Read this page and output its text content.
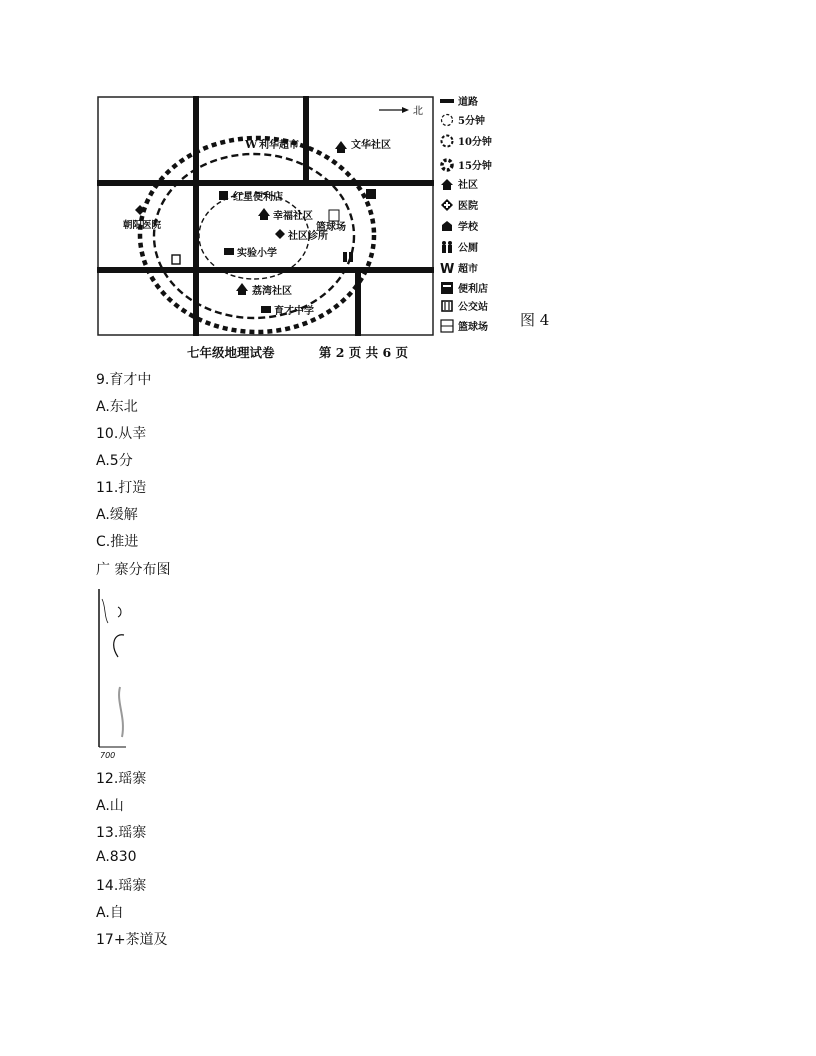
北
W 利华超市	文华社区
红星便利店
幸福社区
篮球场
社区诊所
实验小学
朝阳医院
荔湾社区
育才中学
道路
5分钟
10分钟
15分钟
社区
医院
学校
公厕
W 超市
便利店
公交站
篮球场 图 4
七年级地理试卷	第 2 页 共 6 页
9.育才中
A.东北
10.从幸
A.5分
11.打造
A.缓解
C.推进
广 寨分布图
700
12.瑶寨
A.山
13.瑶寨
A.830
14.瑶寨
A.自
17+茶道及
